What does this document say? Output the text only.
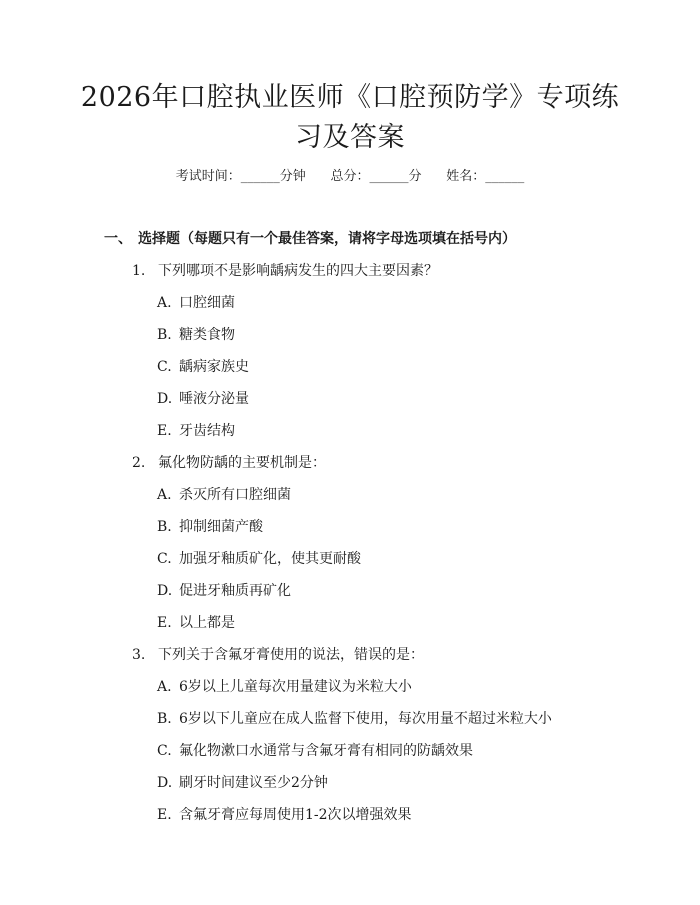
2026年口腔执业医师《口腔预防学》专项练
习及答案
考试时间：______分钟      总分：______分      姓名：______
一、 选择题（每题只有一个最佳答案，请将字母选项填在括号内）
1. 下列哪项不是影响龋病发生的四大主要因素？
A. 口腔细菌
B. 糖类食物
C. 龋病家族史
D. 唾液分泌量
E. 牙齿结构
2. 氟化物防龋的主要机制是：
A. 杀灭所有口腔细菌
B. 抑制细菌产酸
C. 加强牙釉质矿化，使其更耐酸
D. 促进牙釉质再矿化
E. 以上都是
3. 下列关于含氟牙膏使用的说法，错误的是：
A. 6岁以上儿童每次用量建议为米粒大小
B. 6岁以下儿童应在成人监督下使用，每次用量不超过米粒大小
C. 氟化物漱口水通常与含氟牙膏有相同的防龋效果
D. 刷牙时间建议至少2分钟
E. 含氟牙膏应每周使用1-2次以增强效果
